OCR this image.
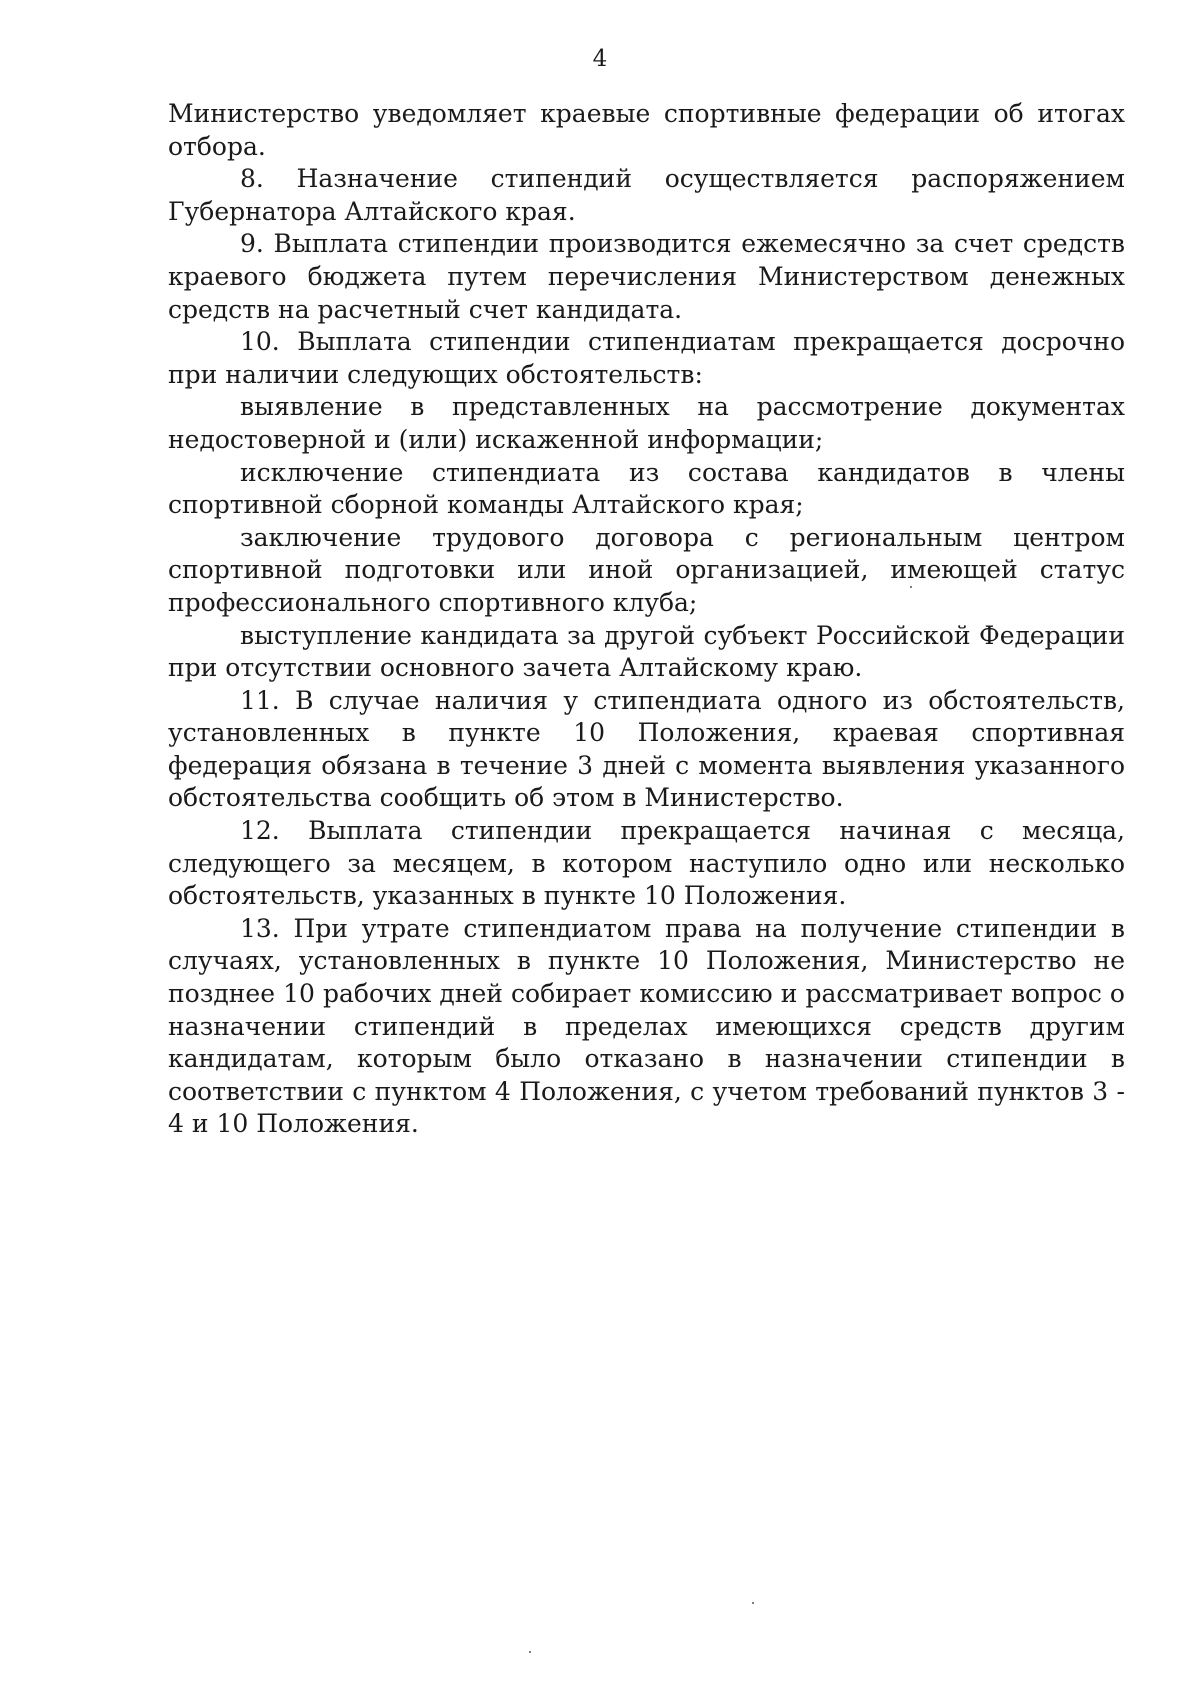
4

Министерство уведомляет краевые спортивные федерации об итогах отбора.

8. Назначение стипендий осуществляется распоряжением Губернатора Алтайского края.

9. Выплата стипендии производится ежемесячно за счет средств краевого бюджета путем перечисления Министерством денежных средств на расчетный счет кандидата.

10. Выплата стипендии стипендиатам прекращается досрочно при наличии следующих обстоятельств:

выявление в представленных на рассмотрение документах недостоверной и (или) искаженной информации;

исключение стипендиата из состава кандидатов в члены спортивной сборной команды Алтайского края;

заключение трудового договора с региональным центром спортивной подготовки или иной организацией, имеющей статус профессионального спортивного клуба;

выступление кандидата за другой субъект Российской Федерации при отсутствии основного зачета Алтайскому краю.

11. В случае наличия у стипендиата одного из обстоятельств, установленных в пункте 10 Положения, краевая спортивная федерация обязана в течение 3 дней с момента выявления указанного обстоятельства сообщить об этом в Министерство.

12. Выплата стипендии прекращается начиная с месяца, следующего за месяцем, в котором наступило одно или несколько обстоятельств, указанных в пункте 10 Положения.

13. При утрате стипендиатом права на получение стипендии в случаях, установленных в пункте 10 Положения, Министерство не позднее 10 рабочих дней собирает комиссию и рассматривает вопрос о назначении стипендий в пределах имеющихся средств другим кандидатам, которым было отказано в назначении стипендии в соответствии с пунктом 4 Положения, с учетом требований пунктов 3 - 4 и 10 Положения.
